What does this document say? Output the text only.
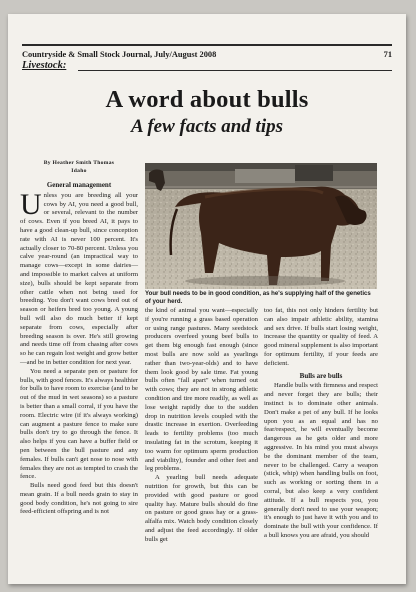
Countryside & Small Stock Journal, July/August 2008	71
Livestock:
A word about bulls
A few facts and tips
By Heather Smith Thomas
Idaho
General management

Unless you are breeding all your cows by AI, you need a good bull, or several, relevant to the number of cows. Even if you breed AI, it pays to have a good clean-up bull, since conception rate with AI is never 100 percent. It's actually closer to 70-80 percent. Unless you calve year-round (an impractical way to manage cows—except in some dairies—and impossible to market calves at uniform size), bulls should be kept separate from other cattle when not being used for breeding. You don't want cows bred out of season or heifers bred too young. A young bull will also do much better if kept separate from cows, especially after breeding season is over. He's still growing and needs time off from chasing after cows so he can regain lost weight and grow better—and be in better condition for next year.

You need a separate pen or pasture for bulls, with good fences. It's always healthier for bulls to have room to exercise (and to be out of the mud in wet seasons) so a pasture is better than a small corral, if you have the room. Electric wire (if it's always working) can augment a pasture fence to make sure bulls don't try to go through the fence. It also helps if you can have a buffer field or pen between the bull pasture and any females. If bulls can't get nose to nose with females they are not as tempted to crash the fence.

Bulls need good feed but this doesn't mean grain. If a bull needs grain to stay in good body condition, he's not going to sire feed-efficient offspring and is not

Your bull needs to be in good condition, as he's supplying half of the genetics of your herd.

the kind of animal you want—especially if you're running a grass based operation or using range pastures. Many seedstock producers overfeed young beef bulls to get them big enough fast enough (since most bulls are now sold as yearlings rather than two-year-olds) and to have them look good by sale time. Fat young bulls often "fall apart" when turned out with cows; they are not in strong athletic condition and tire more readily, as well as lose weight rapidly due to the sudden drop in nutrition levels coupled with the drastic increase in exertion. Overfeeding leads to fertility problems (too much insulating fat in the scrotum, keeping it too warm for optimum sperm production and viability), founder and other feet and leg problems.

A yearling bull needs adequate nutrition for growth, but this can be provided with good pasture or good quality hay. Mature bulls should do fine on pasture or good grass hay or a grass-alfalfa mix. Watch body condition closely and adjust the feed accordingly. If older bulls get

too fat, this not only hinders fertility but can also impair athletic ability, stamina and sex drive. If bulls start losing weight, increase the quantity or quality of feed. A good mineral supplement is also important for optimum fertility, if your feeds are deficient.

Bulls are bulls

Handle bulls with firmness and respect and never forget they are bulls; their instinct is to dominate other animals. Don't make a pet of any bull. If he looks upon you as an equal and has no fear/respect, he will eventually become dangerous as he gets older and more aggressive. In his mind you must always be the dominant member of the team, never to be challenged. Carry a weapon (stick, whip) when handling bulls on foot, such as working or sorting them in a corral, but also keep a very confident attitude. If a bull respects you, you generally don't need to use your weapon; it's enough to just have it with you and to dominate the bull with your confidence. If a bull knows you are afraid, you should
